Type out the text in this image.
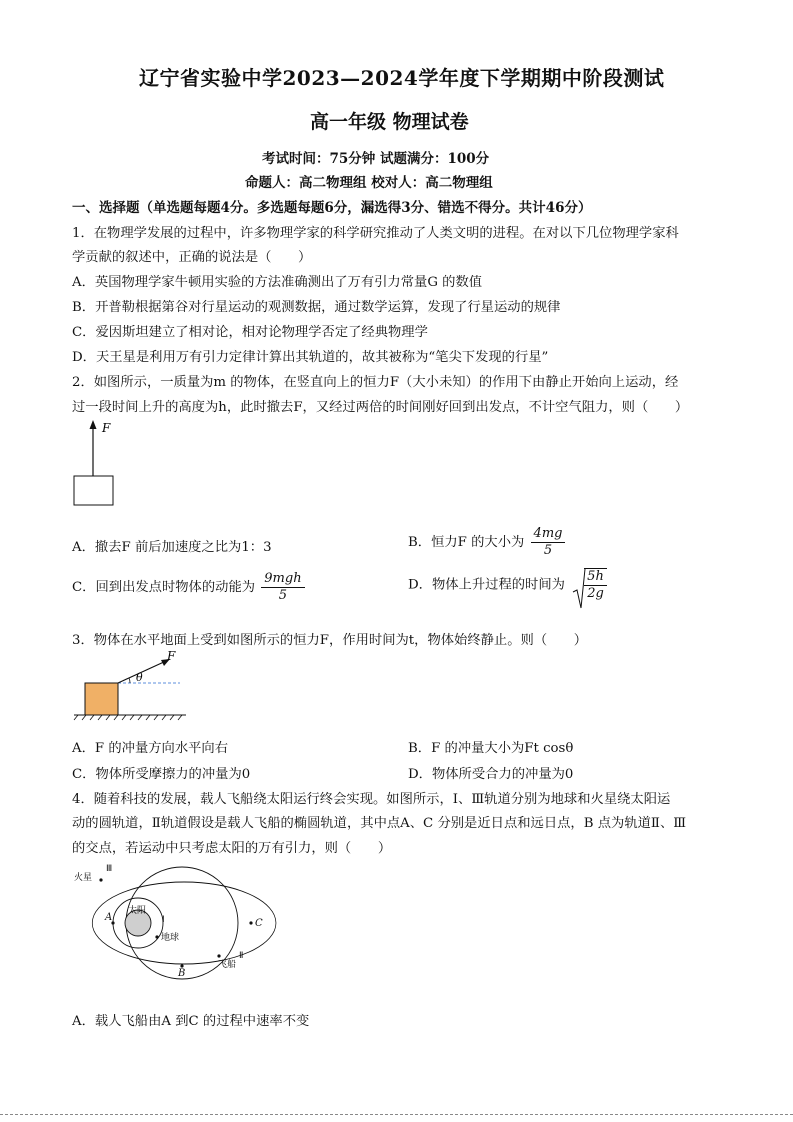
辽宁省实验中学2023—2024学年度下学期期中阶段测试
高一年级 物理试卷
考试时间：75分钟 试题满分：100分
命题人：高二物理组 校对人：高二物理组
一、选择题（单选题每题4分。多选题每题6分，漏选得3分、错选不得分。共计46分）
1．在物理学发展的过程中，许多物理学家的科学研究推动了人类文明的进程。在对以下几位物理学家科
学贡献的叙述中，正确的说法是（　　）
A．英国物理学家牛顿用实验的方法准确测出了万有引力常量G 的数值
B．开普勒根据第谷对行星运动的观测数据，通过数学运算，发现了行星运动的规律
C．爱因斯坦建立了相对论，相对论物理学否定了经典物理学
D．天王星是利用万有引力定律计算出其轨道的，故其被称为“笔尖下发现的行星”
2．如图所示，一质量为m 的物体，在竖直向上的恒力F（大小未知）的作用下由静止开始向上运动，经
过一段时间上升的高度为h，此时撤去F，又经过两倍的时间刚好回到出发点，不计空气阻力，则（　　）
F
A．撤去F 前后加速度之比为1：3	B．恒力F 的大小为 $\frac{4mg}{5}$
C．回到出发点时物体的动能为 $\frac{\text{9mgh}}{5}$	D．物体上升过程的时间为 $\frac{5h}{2g}$
3．物体在水平地面上受到如图所示的恒力F，作用时间为t，物体始终静止。则（　　）
F
θ
A．F 的冲量方向水平向右	B．F 的冲量大小为Ft cosθ
C．物体所受摩擦力的冲量为0	D．物体所受合力的冲量为0
4．随着科技的发展，载人飞船绕太阳运行终会实现。如图所示，Ⅰ、Ⅲ轨道分别为地球和火星绕太阳运
动的圆轨道，Ⅱ轨道假设是载人飞船的椭圆轨道，其中点A、C 分别是近日点和远日点，B 点为轨道Ⅱ、Ⅲ
的交点，若运动中只考虑太阳的万有引力，则（　　）
火星
Ⅲ
太阳
Ⅰ
地球
飞船
Ⅱ
A
B
C
A．载人飞船由A 到C 的过程中速率不变
